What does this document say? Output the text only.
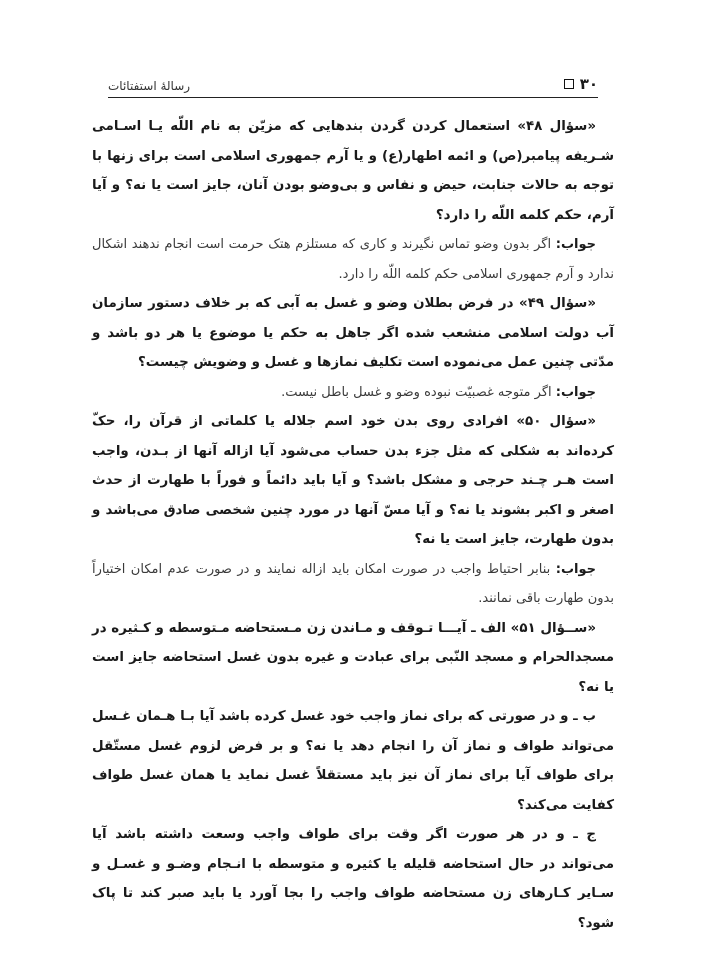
۳۰
رسالهٔ استفتائات

«سؤال ۴۸» استعمال کردن گردن بندهایی که مزیّن به نام اللّه یـا اسـامی شـریفه پیامبر(ص) و ائمه اطهار(ع) و یا آرم جمهوری اسلامی است برای زنها با توجه به حالات جنابت، حیض و نفاس و بی‌وضو بودن آنان، جایز است یا نه؟ و آیا آرم، حکم کلمه اللّه را دارد؟

جواب: اگر بدون وضو تماس نگیرند و کاری که مستلزم هتک حرمت است انجام ندهند اشکال ندارد و آرم جمهوری اسلامی حکم کلمه اللّه را دارد.

«سؤال ۴۹» در فرض بطلان وضو و غسل به آبی که بر خلاف دستور سازمان آب دولت اسلامی منشعب شده اگر جاهل به حکم یا موضوع یا هر دو باشد و مدّتی چنین عمل می‌نموده است تکلیف نمازها و غسل و وضویش چیست؟

جواب: اگر متوجه غصبیّت نبوده وضو و غسل باطل نیست.

«سؤال ۵۰» افرادی روی بدن خود اسم جلاله یا کلماتی از قرآن را، حکّ کرده‌اند به شکلی که مثل جزء بدن حساب می‌شود آیا ازاله آنها از بـدن، واجب است هـر چـند حرجی و مشکل باشد؟ و آیا باید دائماً و فوراً با طهارت از حدث اصغر و اکبر بشوند یا نه؟ و آیا مسّ آنها در مورد چنین شخصی صادق می‌باشد و بدون طهارت، جایز است یا نه؟

جواب: بنابر احتیاط واجب در صورت امکان باید ازاله نمایند و در صورت عدم امکان اختیاراً بدون طهارت باقی نمانند.

«ســؤال ۵۱» الف ـ آیـــا تـوقف و مـاندن زن مـستحاضه مـتوسطه و کـثیره در مسجدالحرام و مسجد النّبی برای عبادت و غیره بدون غسل استحاضه جایز است یا نه؟

ب ـ و در صورتی که برای نماز واجب خود غسل کرده باشد آیا بـا هـمان غـسل می‌تواند طواف و نماز آن را انجام دهد یا نه؟ و بر فرض لزوم غسل مستّقل برای طواف آیا برای نماز آن نیز باید مستقلاً غسل نماید یا همان غسل طواف کفایت می‌کند؟

ج ـ و در هر صورت اگر وقت برای طواف واجب وسعت داشته باشد آیا می‌تواند در حال استحاضه قلیله یا کثیره و متوسطه با انـجام وضـو و غسـل و سـایر کـارهای زن مستحاضه طواف واجب را بجا آورد یا باید صبر کند تا پاک شود؟
